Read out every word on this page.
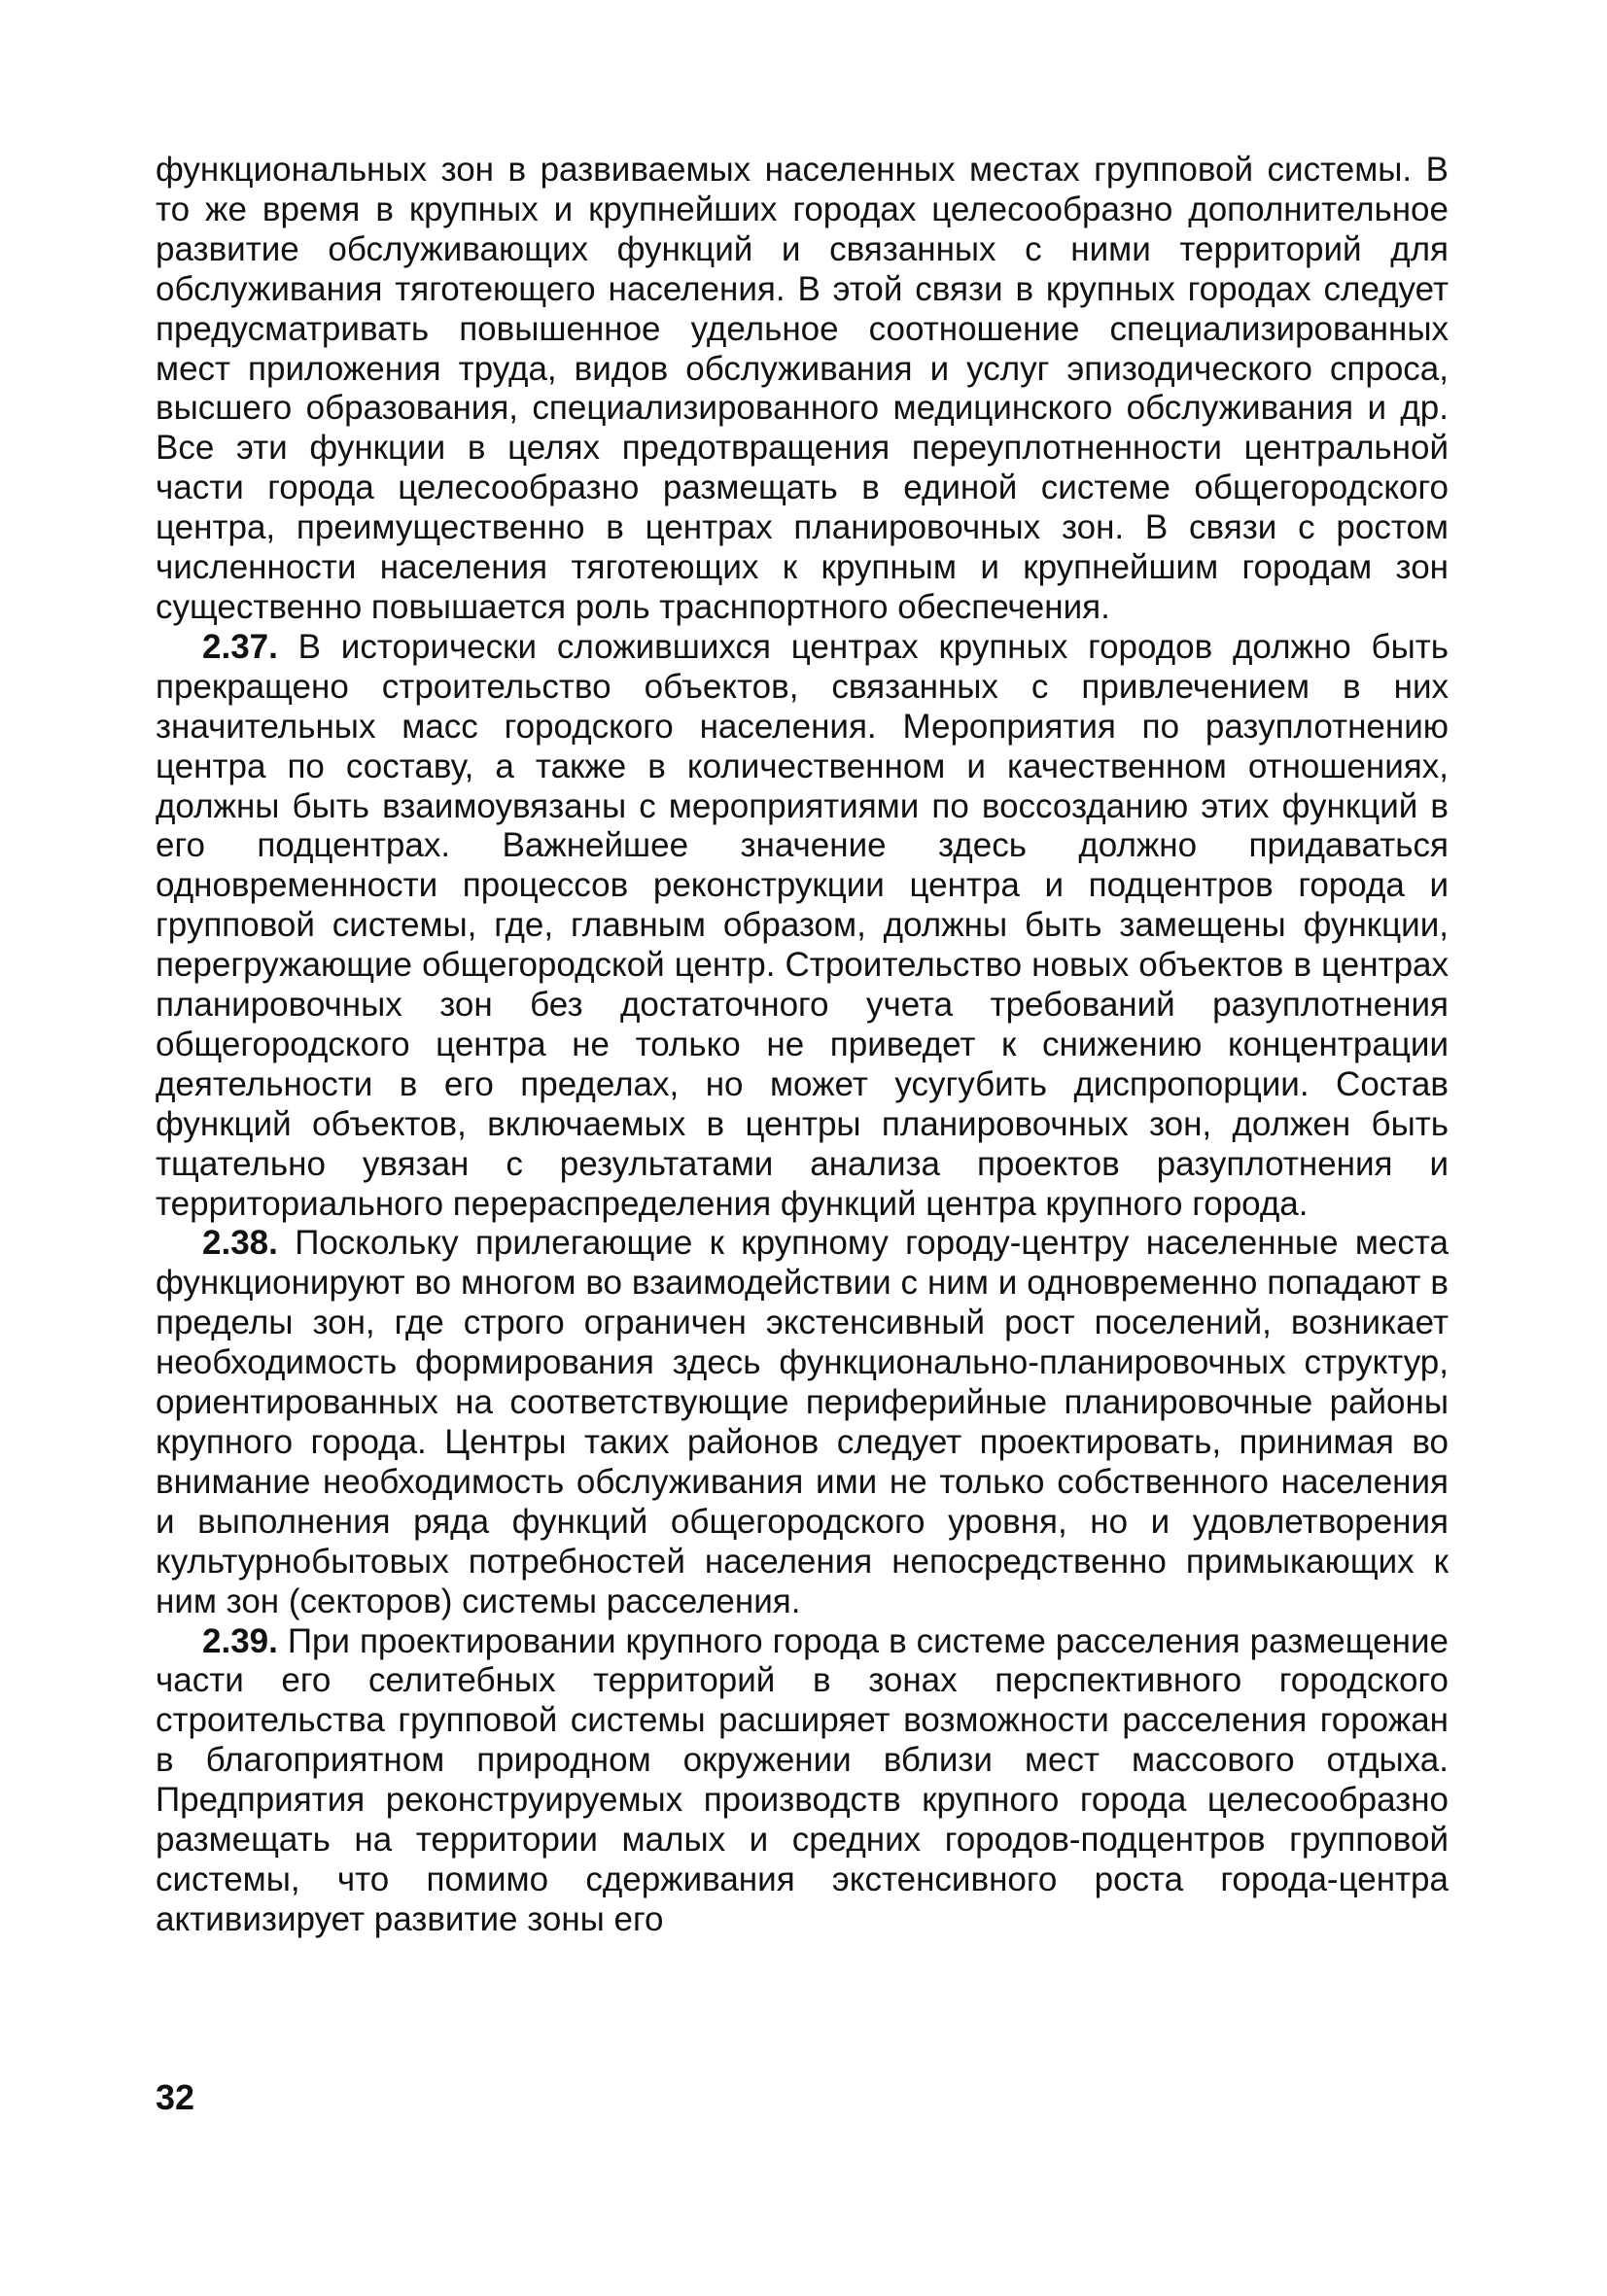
функциональных зон в развиваемых населенных местах групповой системы. В то же время в крупных и крупнейших городах целесообразно дополнительное развитие обслуживающих функций и связанных с ними территорий для обслуживания тяготеющего населения. В этой связи в крупных городах следует предусматривать повышенное удельное соотношение специализированных мест приложения труда, видов обслуживания и услуг эпизодического спроса, высшего образования, специализированного медицинского обслуживания и др. Все эти функции в целях предотвращения переуплотненности центральной части города целесообразно размещать в единой системе общегородского центра, преимущественно в центрах планировочных зон. В связи с ростом численности населения тяготеющих к крупным и крупнейшим городам зон существенно повышается роль траснпортного обеспечения.

2.37. В исторически сложившихся центрах крупных городов должно быть прекращено строительство объектов, связанных с привлечением в них значительных масс городского населения. Мероприятия по разуплотнению центра по составу, а также в количественном и качественном отношениях, должны быть взаимоувязаны с мероприятиями по воссозданию этих функций в его подцентрах. Важнейшее значение здесь должно придаваться одновременности процессов реконструкции центра и подцентров города и групповой системы, где, главным образом, должны быть замещены функции, перегружающие общегородской центр. Строительство новых объектов в центрах планировочных зон без достаточного учета требований разуплотнения общегородского центра не только не приведет к снижению концентрации деятельности в его пределах, но может усугубить диспропорции. Состав функций объектов, включаемых в центры планировочных зон, должен быть тщательно увязан с результатами анализа проектов разуплотнения и территориального перераспределения функций центра крупного города.

2.38. Поскольку прилегающие к крупному городу-центру населенные места функционируют во многом во взаимодействии с ним и одновременно попадают в пределы зон, где строго ограничен экстенсивный рост поселений, возникает необходимость формирования здесь функционально-планировочных структур, ориентированных на соответствующие периферийные планировочные районы крупного города. Центры таких районов следует проектировать, принимая во внимание необходимость обслуживания ими не только собственного населения и выполнения ряда функций общегородского уровня, но и удовлетворения культурнобытовых потребностей населения непосредственно примыкающих к ним зон (секторов) системы расселения.

2.39. При проектировании крупного города в системе расселения размещение части его селитебных территорий в зонах перспективного городского строительства групповой системы расширяет возможности расселения горожан в благоприятном природном окружении вблизи мест массового отдыха. Предприятия реконструируемых производств крупного города целесообразно размещать на территории малых и средних городов-подцентров групповой системы, что помимо сдерживания экстенсивного роста города-центра активизирует развитие зоны его

32
